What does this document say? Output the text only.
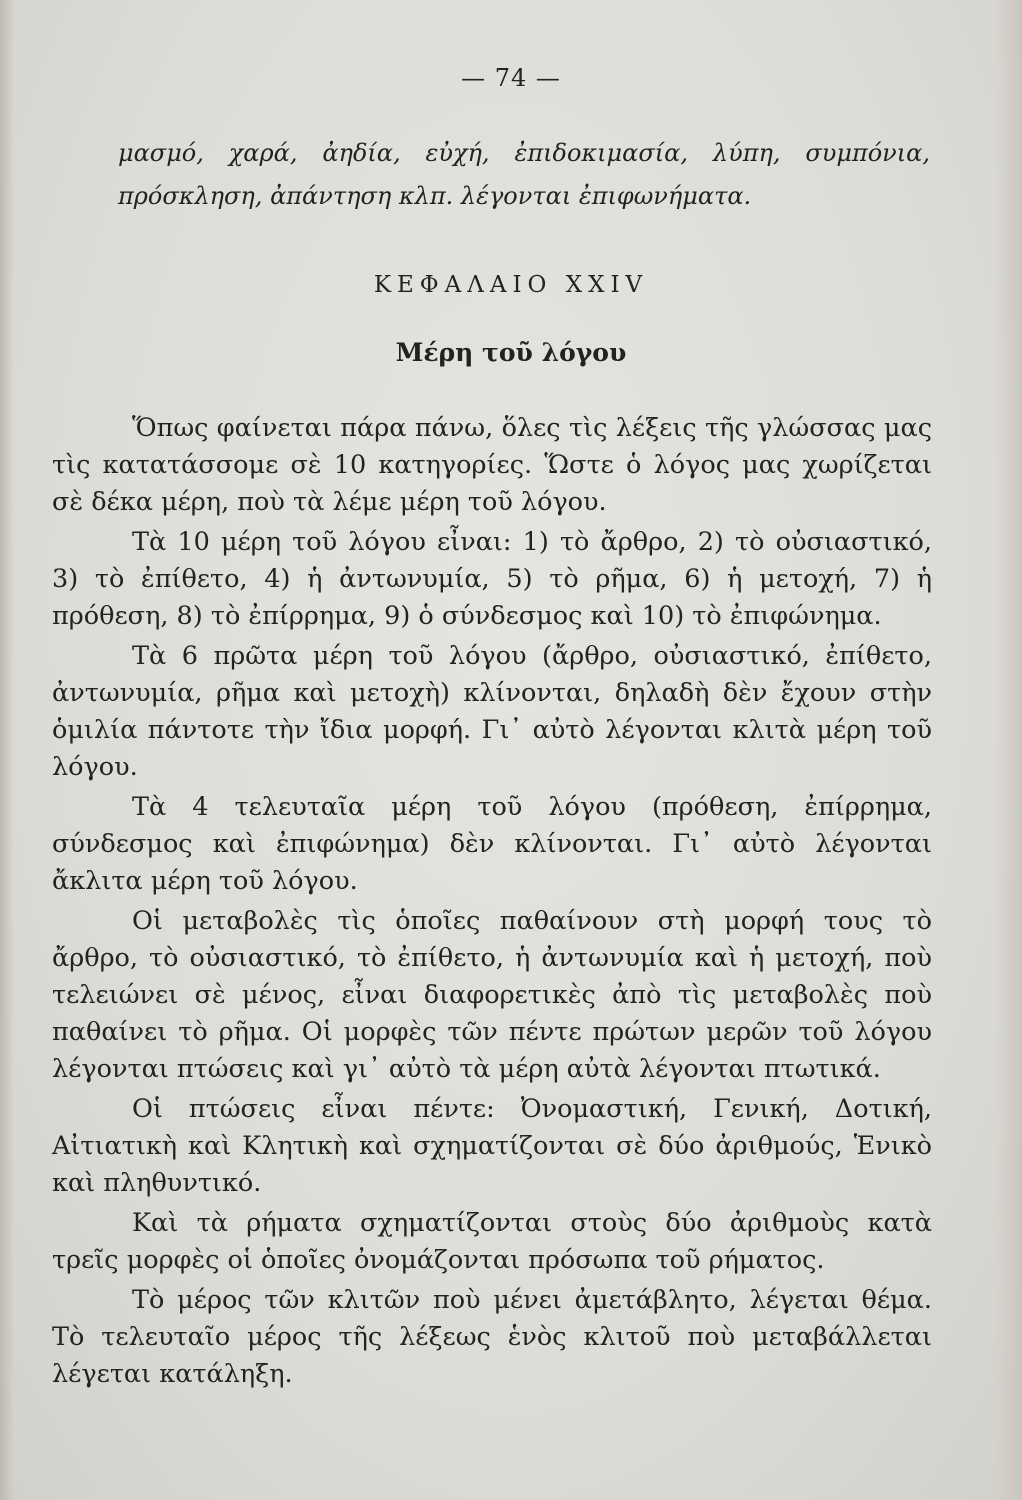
— 74 —
μασμό, χαρά, ἀηδία, εὐχή, ἐπιδοκιμασία, λύπη, συμπόνια, πρόσκληση, ἀπάντηση κλπ. λέγονται ἐπιφωνήματα.
ΚΕΦΑΛΑΙΟ XXIV
Μέρη τοῦ λόγου

Ὅπως φαίνεται πάρα πάνω, ὅλες τὶς λέξεις τῆς γλώσσας μας τὶς κατατάσσομε σὲ 10 κατηγορίες. Ὥστε ὁ λόγος μας χωρίζεται σὲ δέκα μέρη, ποὺ τὰ λέμε μέρη τοῦ λόγου.

Τὰ 10 μέρη τοῦ λόγου εἶναι: 1) τὸ ἄρθρο, 2) τὸ οὐσιαστικό, 3) τὸ ἐπίθετο, 4) ἡ ἀντωνυμία, 5) τὸ ρῆμα, 6) ἡ μετοχή, 7) ἡ πρόθεση, 8) τὸ ἐπίρρημα, 9) ὁ σύνδεσμος καὶ 10) τὸ ἐπιφώνημα.

Τὰ 6 πρῶτα μέρη τοῦ λόγου (ἄρθρο, οὐσιαστικό, ἐπίθετο, ἀντωνυμία, ρῆμα καὶ μετοχὴ) κλίνονται, δηλαδὴ δὲν ἔχουν στὴν ὁμιλία πάντοτε τὴν ἴδια μορφή. Γι᾽ αὐτὸ λέγονται κλιτὰ μέρη τοῦ λόγου.

Τὰ 4 τελευταῖα μέρη τοῦ λόγου (πρόθεση, ἐπίρρημα, σύνδεσμος καὶ ἐπιφώνημα) δὲν κλίνονται. Γι᾽ αὐτὸ λέγονται ἄκλιτα μέρη τοῦ λόγου.

Οἱ μεταβολὲς τὶς ὁποῖες παθαίνουν στὴ μορφή τους τὸ ἄρθρο, τὸ οὐσιαστικό, τὸ ἐπίθετο, ἡ ἀντωνυμία καὶ ἡ μετοχή, ποὺ τελειώνει σὲ μένος, εἶναι διαφορετικὲς ἀπὸ τὶς μεταβολὲς ποὺ παθαίνει τὸ ρῆμα. Οἱ μορφὲς τῶν πέντε πρώτων μερῶν τοῦ λόγου λέγονται πτώσεις καὶ γι᾽ αὐτὸ τὰ μέρη αὐτὰ λέγονται πτωτικά.

Οἱ πτώσεις εἶναι πέντε: Ὀνομαστική, Γενική, Δοτική, Αἰτιατικὴ καὶ Κλητικὴ καὶ σχηματίζονται σὲ δύο ἀριθμούς, Ἑνικὸ καὶ πληθυντικό.

Καὶ τὰ ρήματα σχηματίζονται στοὺς δύο ἀριθμοὺς κατὰ τρεῖς μορφὲς οἱ ὁποῖες ὀνομάζονται πρόσωπα τοῦ ρήματος.

Τὸ μέρος τῶν κλιτῶν ποὺ μένει ἀμετάβλητο, λέγεται θέμα. Τὸ τελευταῖο μέρος τῆς λέξεως ἑνὸς κλιτοῦ ποὺ μεταβάλλεται λέγεται κατάληξη.
